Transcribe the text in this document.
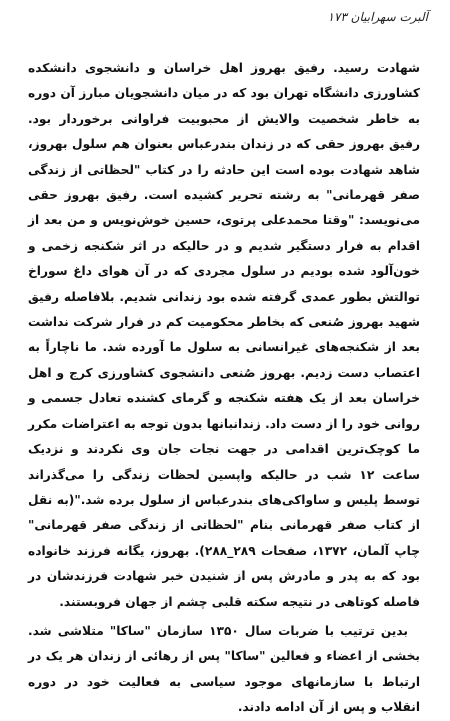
آلبرت سهرابیان ۱۷۳

شهادت رسید. رفیق بهروز اهل خراسان و دانشجوی دانشکده کشاورزی دانشگاه تهران بود که در میان دانشجویان مبارز آن دوره به خاطر شخصیت والایش از محبوبیت فراوانی برخوردار بود. رفیق بهروز حقی که در زندان بندرعباس بعنوان هم سلول بهروز، شاهد شهادت بوده است این حادثه را در کتاب "لحظاتی از زندگی صفر قهرمانی" به رشته تحریر کشیده است. رفیق بهروز حقی می‌نویسد: "وقتا محمدعلی پرتوی، حسین خوش‌نویس و من بعد از اقدام به فرار دستگیر شدیم و در حالیکه در اثر شکنجه زخمی و خون‌آلود شده بودیم در سلول مجردی که در آن هوای داغ سوراخ توالتش بطور عمدی گرفته شده بود زندانی شدیم. بلافاصله رفیق شهید بهروز صُنعی که بخاطر محکومیت کم در فرار شرکت نداشت بعد از شکنجه‌های غیرانسانی به سلول ما آورده شد. ما ناچاراً به اعتصاب دست زدیم. بهروز صُنعی دانشجوی کشاورزی کرج و اهل خراسان بعد از یک هفته شکنجه و گرمای کشنده تعادل جسمی و روانی خود را از دست داد. زندانبانها بدون توجه به اعتراضات مکرر ما کوچک‌ترین اقدامی در جهت نجات جان وی نکردند و نزدیک ساعت ۱۲ شب در حالیکه واپسین لحظات زندگی را می‌گذراند توسط پلیس و ساواکی‌های بندرعباس از سلول برده شد."(به نقل از کتاب صفر قهرمانی بنام "لحظاتی از زندگی صفر قهرمانی" چاپ آلمان، ۱۳۷۲، صفحات ۲۸۹_۲۸۸). بهروز، یگانه فرزند خانواده بود که به پدر و مادرش پس از شنیدن خبر شهادت فرزندشان در فاصله کوتاهی در نتیجه سکته قلبی چشم از جهان فروبستند.

بدین ترتیب با ضربات سال ۱۳۵۰ سازمان "ساکا" متلاشی شد. بخشی از اعضاء و فعالین "ساکا" پس از رهائی از زندان هر یک در ارتباط با سازمانهای موجود سیاسی به فعالیت خود در دوره انقلاب و پس از آن ادامه دادند.
